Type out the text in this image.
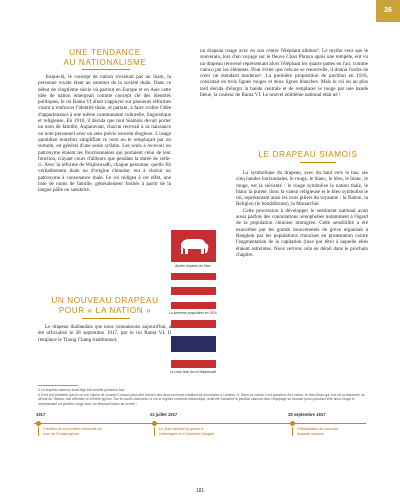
26
UNE TENDANCE
AU NATIONALISME

Jusque-là, le concept de nation n'existait pas au Siam, la personne royale étant au sommet de la société thaïe. Dans ce début de vingtième siècle où partout en Europe et en Asie cette idée de nation émergeait comme concept clé des identités politiques, le roi Rama VI allait s'appuyer sur plusieurs réformes visant à renforcer l'identité thaïe, et partant, à faire croître l'idée d'appartenance à une même communauté culturelle, linguistique et religieuse. En 1910, il décida que tout Siamois devait porter un nom de famille. Auparavant, chacun recevait à sa naissance un nom personnel avec un sens précis souvent élogieux. L'usage quotidien toutefois simplifiait ce nom ou le remplaçait par un surnom, en général d'une seule syllabe. Les seuls à recevoir un patronyme étaient les fonctionnaires qui portaient celui de leur fonction, n'ayant cours d'ailleurs que pendant la durée de celle-ci. Avec la réforme de Wajirawudh, chaque personne, quelle fût véritablement thaïe ou d'origine chinoise, eut à choisir un patronyme à consonance thaïe. Le roi rédigea à cet effet, une liste de noms de famille, généralement formés à partir de la langue pâlie ou sanskrite.

UN NOUVEAU DRAPEAU
POUR « LA NATION »

Le drapeau thaïlandais que nous connaissons aujourd'hui, a été officialisé le 28 septembre 1917, par le roi Rama VI. Il remplace le Thong Chang traditionnel,

un drapeau rouge avec en son centre l'éléphant albinos⁴. Le mythe veut que le souverain, lors d'un voyage sur le fleuve Chao Phraya après une tempête, eût vu un drapeau renversé représentant alors l'éléphant les quatre pattes en l'air, comme vaincu par les éléments. Pour éviter que cela ne se renouvelle, il donna l'ordre de créer un étendard moderne⁵. La première proposition de pavillon en 1916, consistait en trois lignes rouges et deux lignes blanches. Mais le roi un an plus tard décida d'élargir la bande centrale et de remplacer le rouge par une bande bleue, la couleur de Rama VI. Le nouvel emblème national était né !

LE DRAPEAU SIAMOIS

La symbolique du drapeau, avec du haut vers le bas, ses cinq bandes horizontales, le rouge, le blanc, le bleu, le blanc, le rouge, est la suivante : le rouge symbolise la nation thaïe, le blanc la pureté, donc la valeur religieuse et le bleu symbolise le roi, représentant ainsi les trois piliers du royaume : la Nation, la Religion (le bouddhisme), la Monarchie.

Cette procession à développer le sentiment national avait aussi parfois des connotations xénophobes notamment à l'égard de la population chinoise immigrée. Cette sensibilité a été exacerbée par les grands mouvements de grève organisés à Bangkok par les populations chinoises en protestation contre l'augmentation de la capitation (taxe par tête) à laquelle elles étaient astreintes. Nous verrons cela en détail dans le prochain chapitre.

Ancien drapeau du Siam
La première proposition en 1916
Le choix final du roi Wajirawudh
4 Le drapeau siamois avait déjà été modifié plusieurs fois.
5 Il est fort probable que le roi a lu l'gloire de Joseph Conrad (peut-être même) des deux hommes s'étaient-ils rencontrés à Londres ?). Dans ce roman il est question d'un navire, le Nan-Shan qui, lors de la traversée du détroit de Taïwan, doit affronter un terrible typhon. Sur le navire claironne-t-il sur le registre maritime britannique, avait été transféré le pavillon siamois dont l'équipage se trouvait prévu pourtant être alors rouge et représentant un pavillon rouge avec un éléphant blanc au centre !
1917
Création de la première université du nom de Chulalongkorn
22 juillet 1917
Le Siam déclare la guerre à l'Allemagne et à l'Autriche-Hongrie.
28 septembre 1917
Officialisation du nouveau drapeau siamois.
181
